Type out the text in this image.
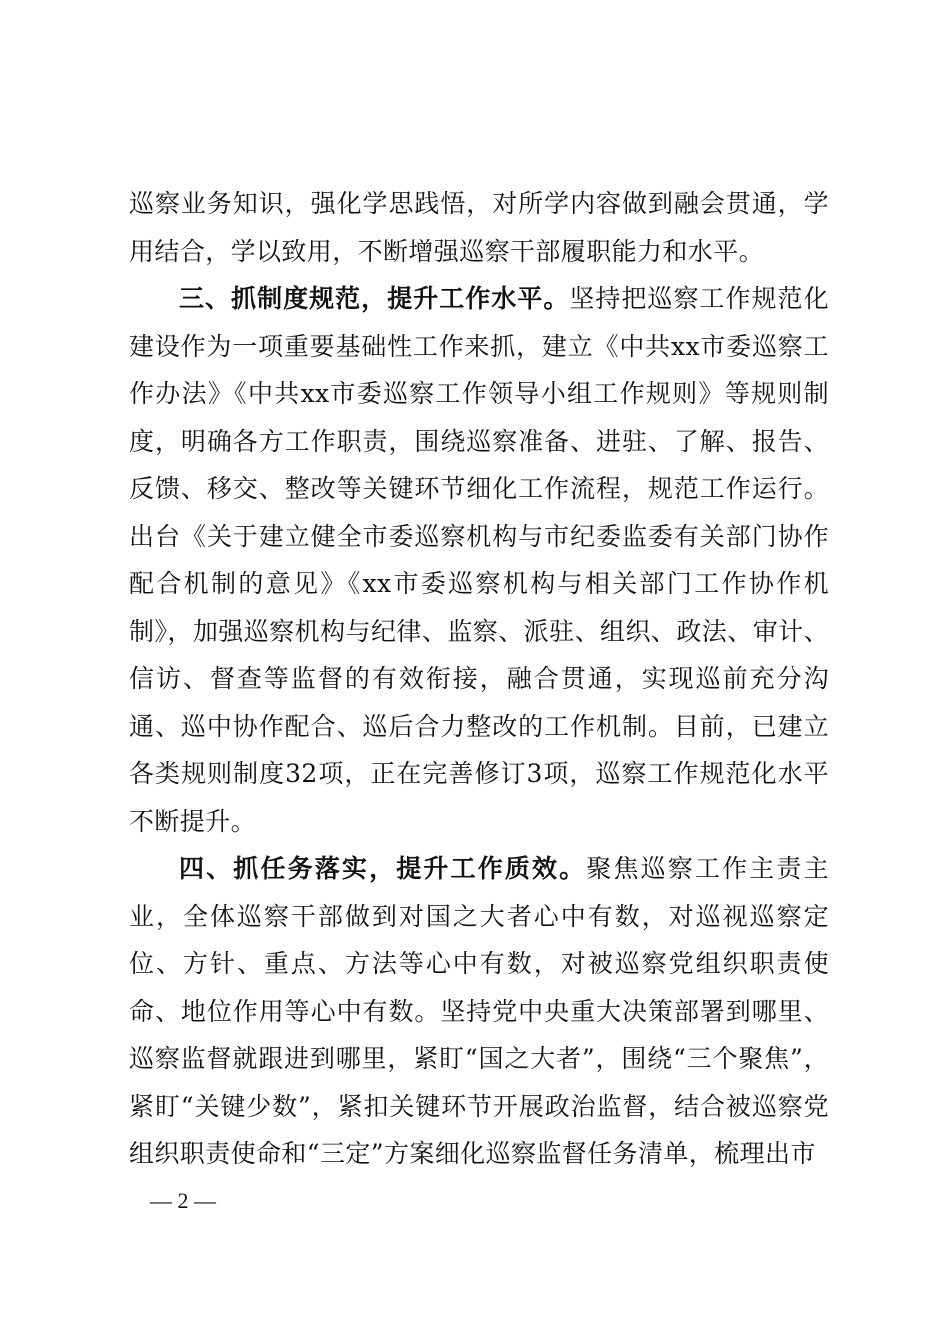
巡察业务知识，强化学思践悟，对所学内容做到融会贯通，学用结合，学以致用，不断增强巡察干部履职能力和水平。

三、抓制度规范，提升工作水平。坚持把巡察工作规范化建设作为一项重要基础性工作来抓，建立《中共xx市委巡察工作办法》《中共xx市委巡察工作领导小组工作规则》等规则制度，明确各方工作职责，围绕巡察准备、进驻、了解、报告、反馈、移交、整改等关键环节细化工作流程，规范工作运行。出台《关于建立健全市委巡察机构与市纪委监委有关部门协作配合机制的意见》《xx市委巡察机构与相关部门工作协作机制》，加强巡察机构与纪律、监察、派驻、组织、政法、审计、信访、督查等监督的有效衔接，融合贯通，实现巡前充分沟通、巡中协作配合、巡后合力整改的工作机制。目前，已建立各类规则制度32项，正在完善修订3项，巡察工作规范化水平不断提升。

四、抓任务落实，提升工作质效。聚焦巡察工作主责主业，全体巡察干部做到对国之大者心中有数，对巡视巡察定位、方针、重点、方法等心中有数，对被巡察党组织职责使命、地位作用等心中有数。坚持党中央重大决策部署到哪里、巡察监督就跟进到哪里，紧盯“国之大者”，围绕“三个聚焦”，紧盯“关键少数”，紧扣关键环节开展政治监督，结合被巡察党组织职责使命和“三定”方案细化巡察监督任务清单，梳理出市

— 2 —
